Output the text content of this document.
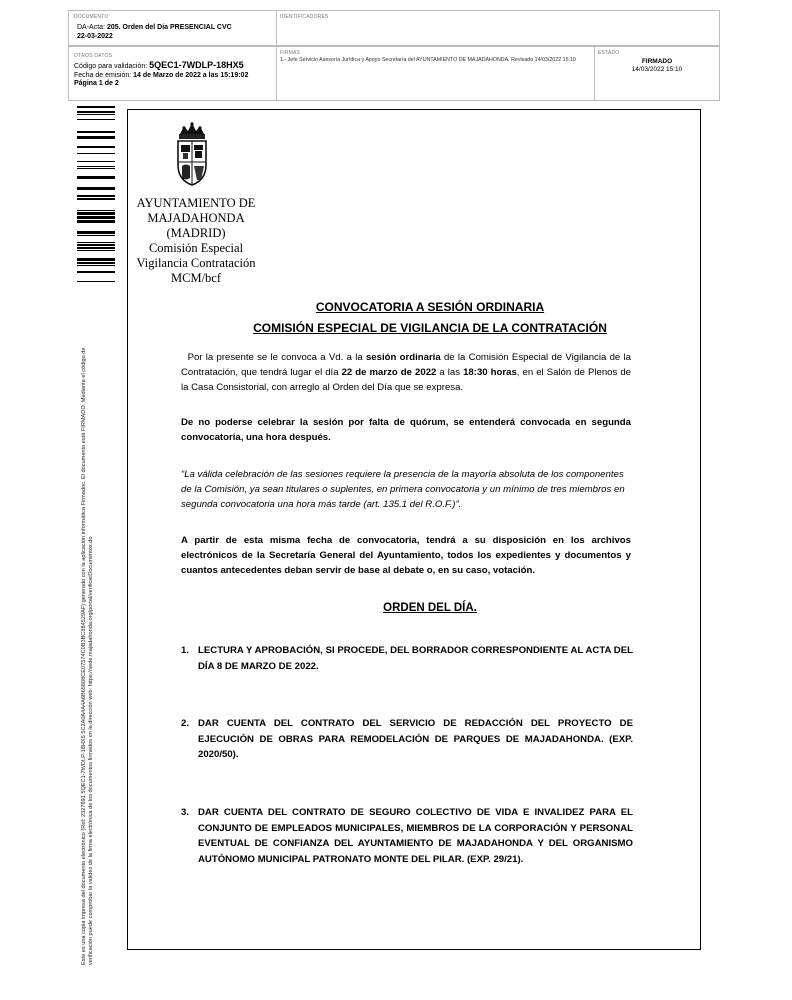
DOCUMENTO
DA-Acta: 205. Orden del Día PRESENCIAL CVC
22-03-2022
IDENTIFICADORES
OTROS DATOS
Código para validación: 5QEC1-7WDLP-18HX5
Fecha de emisión: 14 de Marzo de 2022 a las 15:19:02
Página 1 de 2
FIRMAS
1.- Jefe Servicio Asesoría Jurídica y Apoyo Secretaría del AYUNTAMIENTO DE MAJADAHONDA. Revisado 14/03/2022 15:10
ESTADO
FIRMADO
14/03/2022 15:10
Este es una copia impresa del documento electrónico (Ref: 2327691 5QEC1-7WDLP-18HX5 5C2A0A4A4A6B65608CE07574C0B3BC384529AF) generado con la aplicación informática Firmadoc. El documento está FIRMADO. Mediante el código de verificación puede comprobar la validez de la firma electrónica de los documentos firmados en la dirección web: https://sede.majadahonda.org/portal/verificarDocumentos.do
AYUNTAMIENTO DE
MAJADAHONDA
(MADRID)
Comisión Especial
Vigilancia Contratación
MCM/bcf
CONVOCATORIA A SESIÓN ORDINARIA
COMISIÓN ESPECIAL DE VIGILANCIA DE LA CONTRATACIÓN
Por la presente se le convoca a Vd. a la sesión ordinaria de la Comisión Especial de Vigilancia de la Contratación, que tendrá lugar el día 22 de marzo de 2022 a las 18:30 horas, en el Salón de Plenos de la Casa Consistorial, con arreglo al Orden del Día que se expresa.
De no poderse celebrar la sesión por falta de quórum, se entenderá convocada en segunda convocatoria, una hora después.
“La válida celebración de las sesiones requiere la presencia de la mayoría absoluta de los componentes de la Comisión, ya sean titulares o suplentes, en primera convocatoria y un mínimo de tres miembros en segunda convocatoria una hora más tarde (art. 135.1 del R.O.F.)”.
A partir de esta misma fecha de convocatoria, tendrá a su disposición en los archivos electrónicos de la Secretaría General del Ayuntamiento, todos los expedientes y documentos y cuantos antecedentes deban servir de base al debate o, en su caso, votación.
ORDEN DEL DÍA.
1. LECTURA Y APROBACIÓN, SI PROCEDE, DEL BORRADOR CORRESPONDIENTE AL ACTA DEL DÍA 8 DE MARZO DE 2022.
2. DAR CUENTA DEL CONTRATO DEL SERVICIO DE REDACCIÓN DEL PROYECTO DE EJECUCIÓN DE OBRAS PARA REMODELACIÓN DE PARQUES DE MAJADAHONDA. (EXP. 2020/50).
3. DAR CUENTA DEL CONTRATO DE SEGURO COLECTIVO DE VIDA E INVALIDEZ PARA EL CONJUNTO DE EMPLEADOS MUNICIPALES, MIEMBROS DE LA CORPORACIÓN Y PERSONAL EVENTUAL DE CONFIANZA DEL AYUNTAMIENTO DE MAJADAHONDA Y DEL ORGANISMO AUTÓNOMO MUNICIPAL PATRONATO MONTE DEL PILAR. (EXP. 29/21).
